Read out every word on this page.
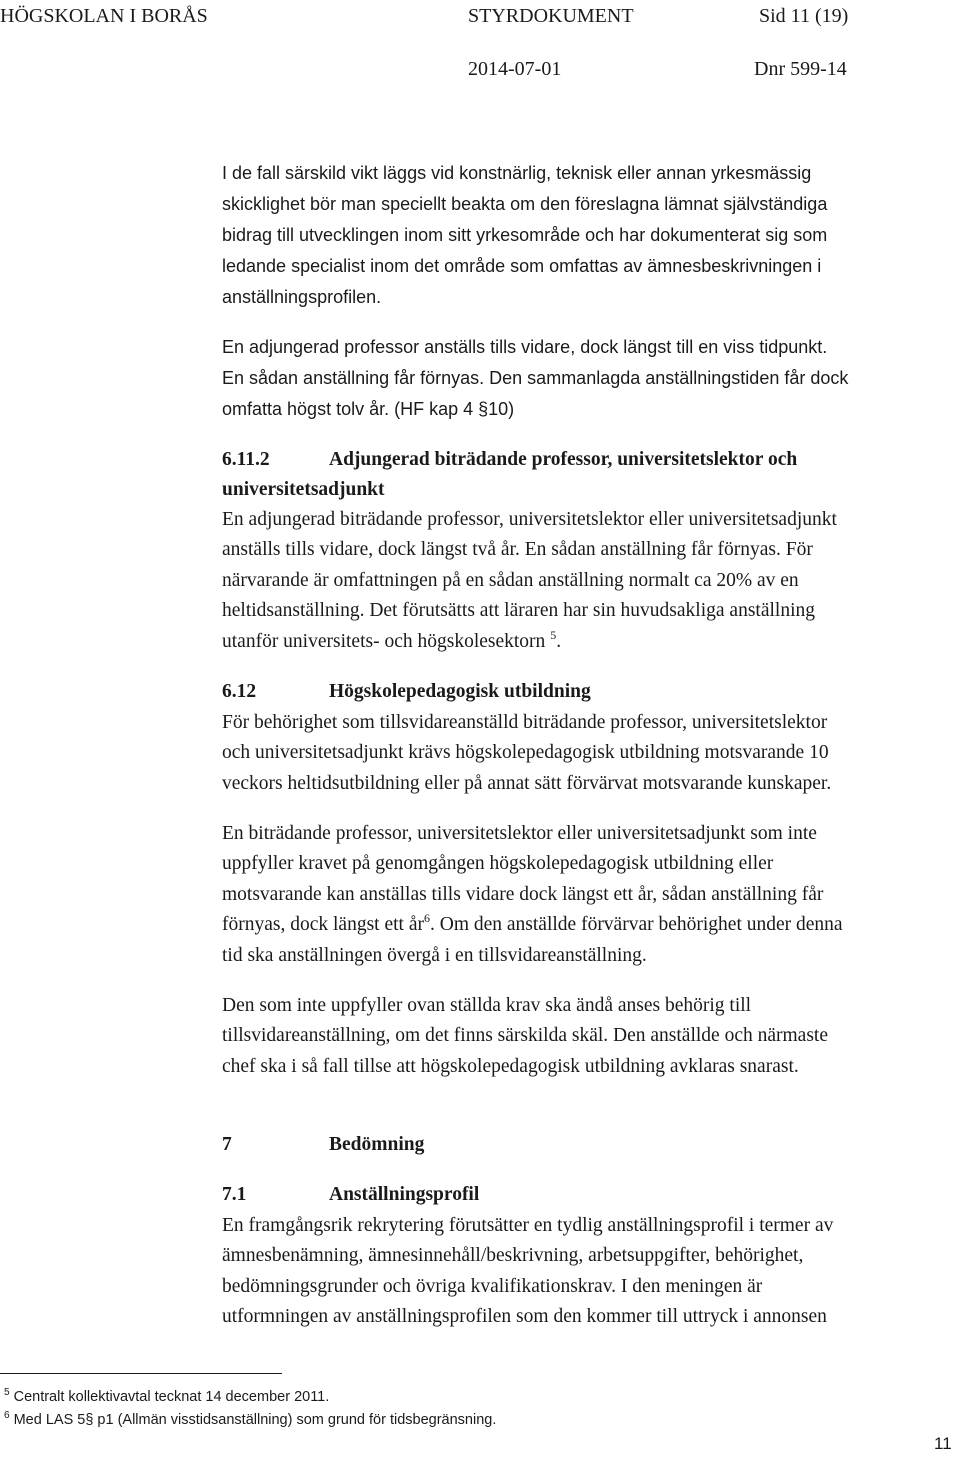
HÖGSKOLAN I BORÅS	STYRDOKUMENT	Sid 11 (19)
2014-07-01	Dnr 599-14
I de fall särskild vikt läggs vid konstnärlig, teknisk eller annan yrkesmässig
skicklighet bör man speciellt beakta om den föreslagna lämnat självständiga
bidrag till utvecklingen inom sitt yrkesområde och har dokumenterat sig som
ledande specialist inom det område som omfattas av ämnesbeskrivningen i
anställningsprofilen.
En adjungerad professor anställs tills vidare, dock längst till en viss tidpunkt.
En sådan anställning får förnyas. Den sammanlagda anställningstiden får dock
omfatta högst tolv år. (HF kap 4 §10)
6.11.2	Adjungerad biträdande professor, universitetslektor och
universitetsadjunkt
En adjungerad biträdande professor, universitetslektor eller universitetsadjunkt
anställs tills vidare, dock längst två år. En sådan anställning får förnyas. För
närvarande är omfattningen på en sådan anställning normalt ca 20% av en
heltidsanställning. Det förutsätts att läraren har sin huvudsakliga anställning
utanför universitets- och högskolesektorn $^5$.
6.12	Högskolepedagogisk utbildning
För behörighet som tillsvidareanställd biträdande professor, universitetslektor
och universitetsadjunkt krävs högskolepedagogisk utbildning motsvarande 10
veckors heltidsutbildning eller på annat sätt förvärvat motsvarande kunskaper.
En biträdande professor, universitetslektor eller universitetsadjunkt som inte
uppfyller kravet på genomgången högskolepedagogisk utbildning eller
motsvarande kan anställas tills vidare dock längst ett år, sådan anställning får
förnyas, dock längst ett $år^6$. Om den anställde förvärvar behörighet under denna
tid ska anställningen övergå i en tillsvidareanställning.
Den som inte uppfyller ovan ställda krav ska ändå anses behörig till
tillsvidareanställning, om det finns särskilda skäl. Den anställde och närmaste
chef ska i så fall tillse att högskolepedagogisk utbildning avklaras snarast.
7	Bedömning
7.1	Anställningsprofil
En framgångsrik rekrytering förutsätter en tydlig anställningsprofil i termer av
ämnesbenämning, ämnesinnehåll/beskrivning, arbetsuppgifter, behörighet,
bedömningsgrunder och övriga kvalifikationskrav. I den meningen är
utformningen av anställningsprofilen som den kommer till uttryck i annonsen
$^5$ Centralt kollektivavtal tecknat 14 december 2011.
$^6$ Med LAS 5§ p1 (Allmän visstidsanställning) som grund för tidsbegränsning.
11
